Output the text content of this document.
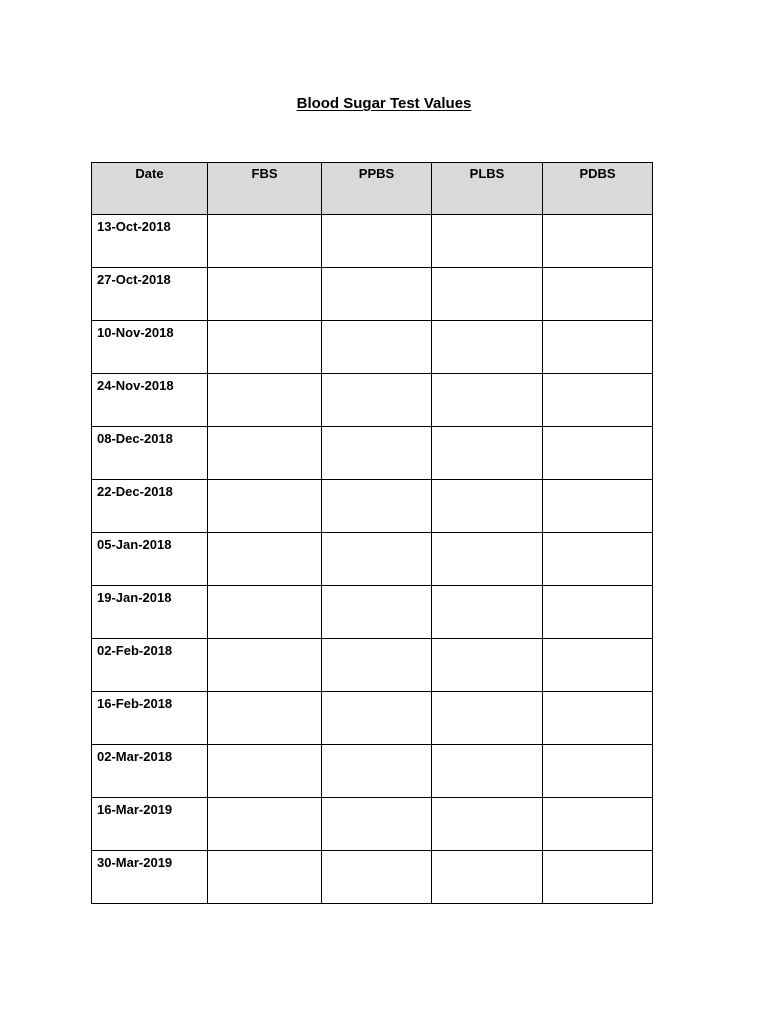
Blood Sugar Test Values
Date	FBS	PPBS	PLBS	PDBS
13-Oct-2018				
27-Oct-2018				
10-Nov-2018				
24-Nov-2018				
08-Dec-2018				
22-Dec-2018				
05-Jan-2018				
19-Jan-2018				
02-Feb-2018				
16-Feb-2018				
02-Mar-2018				
16-Mar-2019				
30-Mar-2019				
